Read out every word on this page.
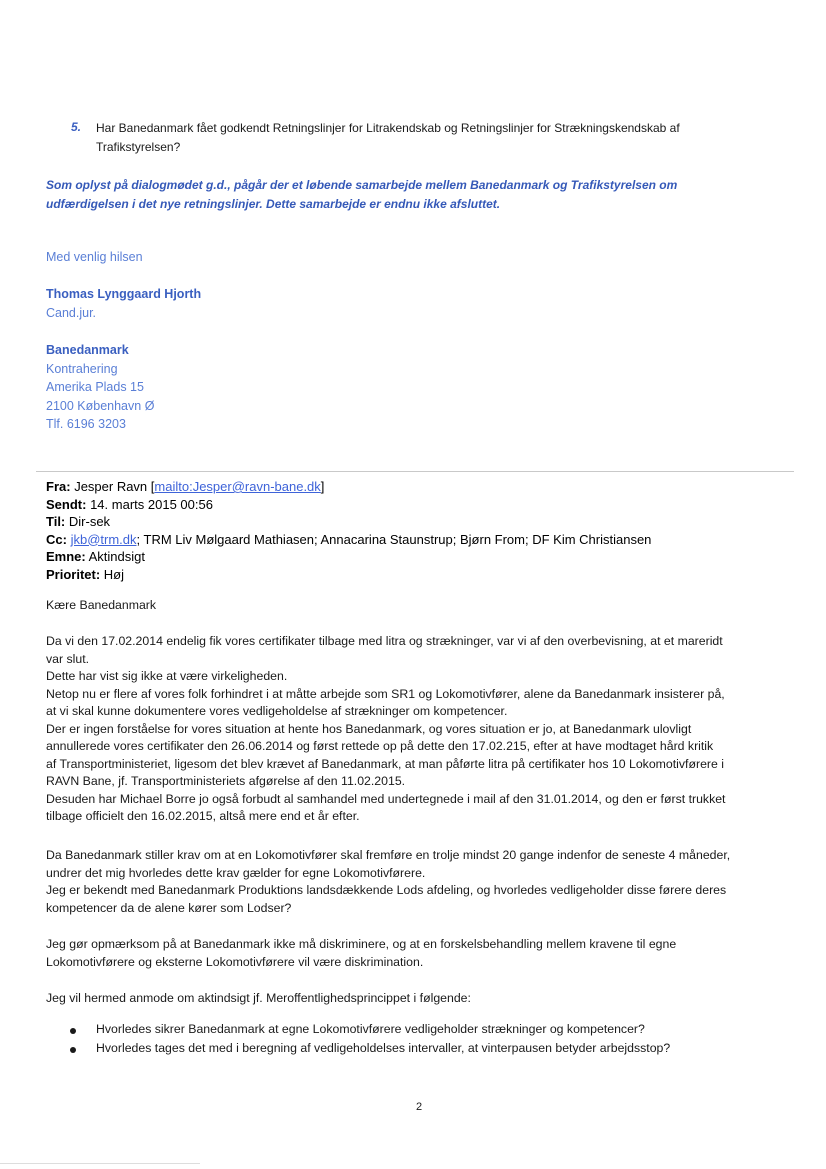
5. Har Banedanmark fået godkendt Retningslinjer for Litrakendskab og Retningslinjer for Strækningskendskab af
Trafikstyrelsen?
Som oplyst på dialogmødet g.d., pågår der et løbende samarbejde mellem Banedanmark og Trafikstyrelsen om
udfærdigelsen i det nye retningslinjer. Dette samarbejde er endnu ikke afsluttet.
Med venlig hilsen
Thomas Lynggaard Hjorth
Cand.jur.
Banedanmark
Kontrahering
Amerika Plads 15
2100 København Ø
Tlf. 6196 3203
Fra: Jesper Ravn [mailto:Jesper@ravn-bane.dk]
Sendt: 14. marts 2015 00:56
Til: Dir-sek
Cc: jkb@trm.dk; TRM Liv Mølgaard Mathiasen; Annacarina Staunstrup; Bjørn From; DF Kim Christiansen
Emne: Aktindsigt
Prioritet: Høj
Kære Banedanmark
Da vi den 17.02.2014 endelig fik vores certifikater tilbage med litra og strækninger, var vi af den overbevisning, at et mareridt
var slut.
Dette har vist sig ikke at være virkeligheden.
Netop nu er flere af vores folk forhindret i at måtte arbejde som SR1 og Lokomotivfører, alene da Banedanmark insisterer på,
at vi skal kunne dokumentere vores vedligeholdelse af strækninger om kompetencer.
Der er ingen forståelse for vores situation at hente hos Banedanmark, og vores situation er jo, at Banedanmark ulovligt
annullerede vores certifikater den 26.06.2014 og først rettede op på dette den 17.02.215, efter at have modtaget hård kritik
af Transportministeriet, ligesom det blev krævet af Banedanmark, at man påførte litra på certifikater hos 10 Lokomotivførere i
RAVN Bane, jf. Transportministeriets afgørelse af den 11.02.2015.
Desuden har Michael Borre jo også forbudt al samhandel med undertegnede i mail af den 31.01.2014, og den er først trukket
tilbage officielt den 16.02.2015, altså mere end et år efter.
Da Banedanmark stiller krav om at en Lokomotivfører skal fremføre en trolje mindst 20 gange indenfor de seneste 4 måneder,
undrer det mig hvorledes dette krav gælder for egne Lokomotivførere.
Jeg er bekendt med Banedanmark Produktions landsdækkende Lods afdeling, og hvorledes vedligeholder disse førere deres
kompetencer da de alene kører som Lodser?
Jeg gør opmærksom på at Banedanmark ikke må diskriminere, og at en forskelsbehandling mellem kravene til egne
Lokomotivførere og eksterne Lokomotivførere vil være diskrimination.
Jeg vil hermed anmode om aktindsigt jf. Meroffentlighedsprincippet i følgende:
Hvorledes sikrer Banedanmark at egne Lokomotivførere vedligeholder strækninger og kompetencer?
Hvorledes tages det med i beregning af vedligeholdelses intervaller, at vinterpausen betyder arbejdsstop?
2
